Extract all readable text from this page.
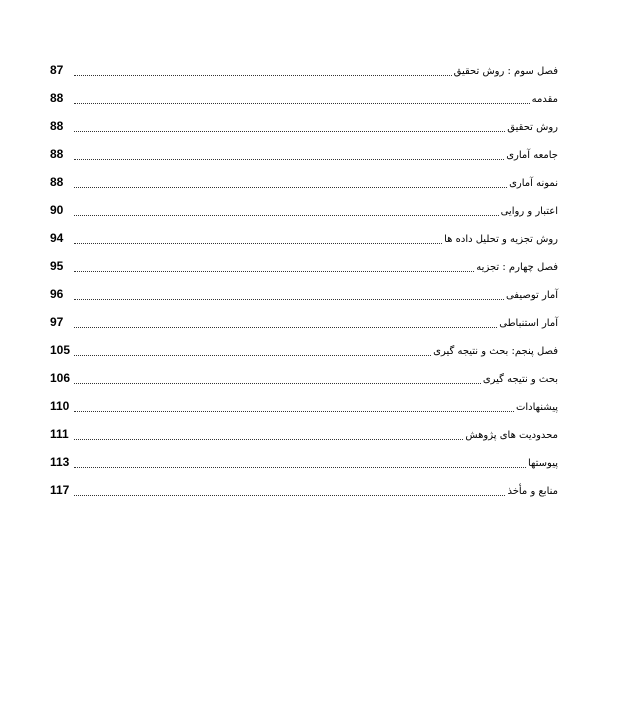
87	فصل سوم : روش تحقیق
88	مقدمه
88	روش تحقیق
88	جامعه آماری
88	نمونه آماری
90	اعتبار و روایی
94	روش تجزیه و تحلیل داده ها
95	فصل چهارم : تجزیه
96	آمار توصیفی
97	آمار استنباطی
105	فصل پنجم: بحث و نتیجه گیری
106	بحث و نتیجه گیری
110	پیشنهادات
111	محدودیت های پژوهش
113	پیوستها
117	منابع و مأخذ
